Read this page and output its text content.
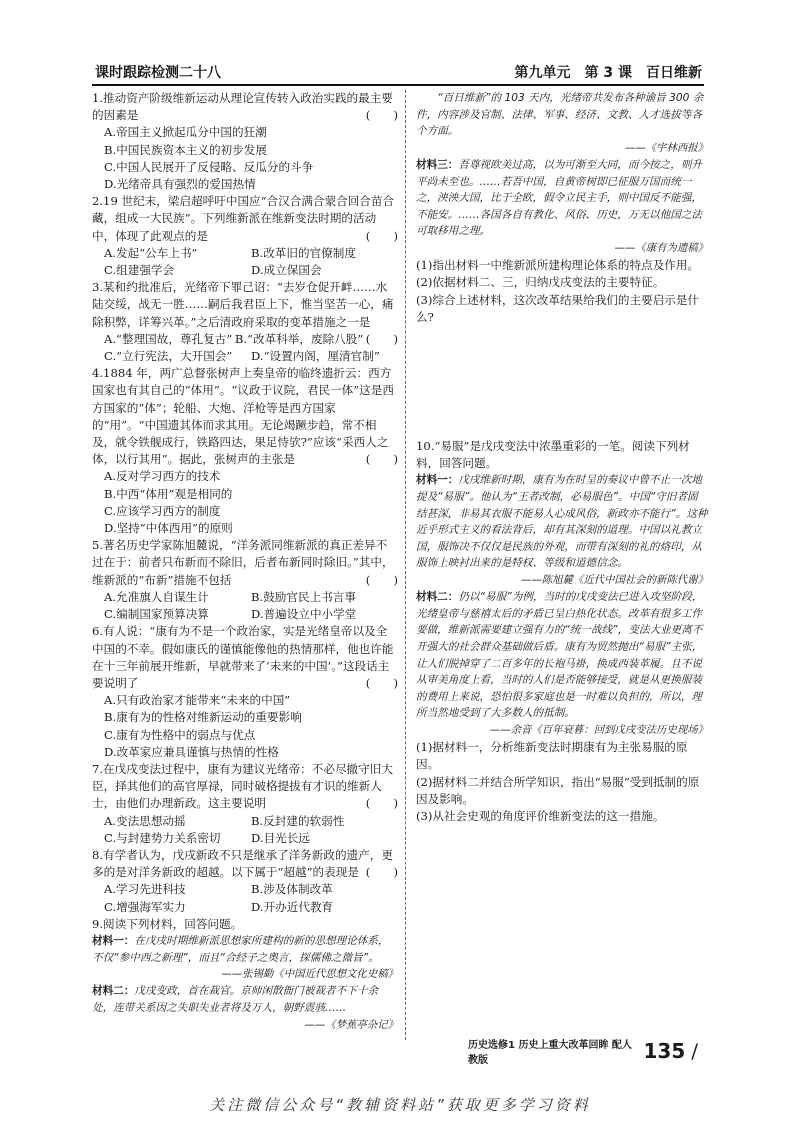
课时跟踪检测二十八	第九单元　第 3 课　百日维新
1.推动资产阶级维新运动从理论宣传转入政治实践的最主要的因素是	(　　)
A.帝国主义掀起瓜分中国的狂潮
B.中国民族资本主义的初步发展
C.中国人民展开了反侵略、反瓜分的斗争
D.光绪帝具有强烈的爱国热情
2.19 世纪末，梁启超呼吁中国应“合汉合满合蒙合回合苗合藏，组成一大民族”。下列维新派在维新变法时期的活动中，体现了此观点的是	(　　)
A.发起“公车上书”	B.改革旧的官僚制度
C.组建强学会	D.成立保国会
3.某和约批准后，光绪帝下罪己诏：“去岁仓促开衅……水陆交绥，战无一胜……嗣后我君臣上下，惟当坚苦一心，痛除积弊，详筹兴革。”之后清政府采取的变革措施之一是
(　　)
A.“整理国故，尊孔复古” B.“改革科举，废除八股”
C.“立行宪法，大开国会”	D.“设置内阁，厘清官制”
4.1884 年，两广总督张树声上奏皇帝的临终遗折云：西方国家也有其自己的“体用”。“议政于议院，君民一体”这是西方国家的“体”；轮船、大炮、洋枪等是西方国家的“用”。“中国遗其体而求其用。无论竭蹶步趋，常不相及，就令铁舰成行，铁路四达，果足恃欤?”应该“采西人之体，以行其用”。据此，张树声的主张是	(　　)
A.反对学习西方的技术
B.中西“体用”观是相同的
C.应该学习西方的制度
D.坚持“中体西用”的原则
5.著名历史学家陈旭麓说，“洋务派同维新派的真正差异不过在于：前者只布新而不除旧，后者布新同时除旧。”其中，维新派的“布新”措施不包括	(　　)
A.允准旗人自谋生计	B.鼓励官民上书言事
C.编制国家预算决算	D.普遍设立中小学堂
6.有人说：“康有为不是一个政治家，实是光绪皇帝以及全中国的不幸。假如康氏的谨慎能像他的热情那样，他也许能在十三年前展开维新，早就带来了‘未来的中国’。”这段话主要说明了	(　　)
A.只有政治家才能带来“未来的中国”
B.康有为的性格对维新运动的重要影响
C.康有为性格中的弱点与优点
D.改革家应兼具谨慎与热情的性格
7.在戊戌变法过程中，康有为建议光绪帝：不必尽撤守旧大臣，择其他们的高官厚禄，同时破格提拔有才识的维新人士，由他们办理新政。这主要说明	(　　)
A.变法思想动摇	B.反封建的软弱性
C.与封建势力关系密切	D.目光长远
8.有学者认为，戊戌新政不只是继承了洋务新政的遗产，更多的是对洋务新政的超越。以下属于“超越”的表现是 (　　)
A.学习先进科技	B.涉及体制改革
C.增强海军实力	D.开办近代教育
9.阅读下列材料，回答问题。
材料一：在戊戌时期维新派思想家所建构的新的思想理论体系，不仅“参中西之新理”，而且“合经子之奥言，探儒佛之微旨”。
——张锡勤《中国近代思想文化史稿》
材料二：戊戌变政，首在裁官。京师闲散衙门被裁者不下十余处，连带关系因之失职失业者将及万人，朝野震骇……
——《梦蕉亭杂记》
“百日维新”的 103 天内，光绪帝共发布各种谕旨 300 余件，内容涉及官制、法律、军事、经济、文教、人才选拔等各个方面。
——《宇林西报》
材料三：吾尊视欧美过高，以为可渐至大同，而今按之，则升平尚未至也。……若吾中国，自黄帝树即已征服万国而统一之，泱泱大国，比于全欧，假令立民主手，则中国反不能强，不能安。……各国各自有教化、风俗、历史，万无以他国之法可取移用之理。
——《康有为遗稿》
(1)指出材料一中维新派所建构理论体系的特点及作用。
(2)依据材料二、三，归纳戊戌变法的主要特征。
(3)综合上述材料，这次改革结果给我们的主要启示是什么?
10.“易服”是戊戌变法中浓墨重彩的一笔。阅读下列材料，回答问题。
材料一：戊戌维新时期，康有为在时呈的奏议中曾不止一次地提及“易服”。他认为“王者改制，必易服色”。中国“守旧者固结甚深，非易其衣服不能易人心成风俗，新政亦不能行”。这种近乎形式主义的看法背后，却有其深刻的道理。中国以礼教立国，服饰决不仅仅是民族的外观，而带有深刻的礼的烙印，从服饰上映衬出来的是特权、等级和道德信念。
——陈旭麓《近代中国社会的新陈代谢》
材料二：仍以“易服”为例，当时的戊戌变法已进入攻坚阶段，光绪皇帝与慈禧太后的矛盾已呈白热化状态。改革有很多工作要做，维新派需要建立强有力的“统一战线”，变法大业更离不开强大的社会群众基础做后盾。康有为贸然抛出“易服”主张，让人们脱掉穿了二百多年的长袍马褂，换成西装革履。且不说从审美角度上看，当时的人们是否能够接受，就是从更换服装的费用上来说，恐怕很多家庭也是一时难以负担的，所以，理所当然地受到了大多数人的抵制。
——余音《百年衰暮：回到戊戌变法历史现场》
(1)据材料一，分析维新变法时期康有为主张易服的原因。
(2)据材料二并结合所学知识，指出“易服”受到抵制的原因及影响。
(3)从社会史观的角度评价维新变法的这一措施。
历史选修1 历史上重大改革回眸 配人教版	135 /
关注微信公众号“教辅资料站”获取更多学习资料
